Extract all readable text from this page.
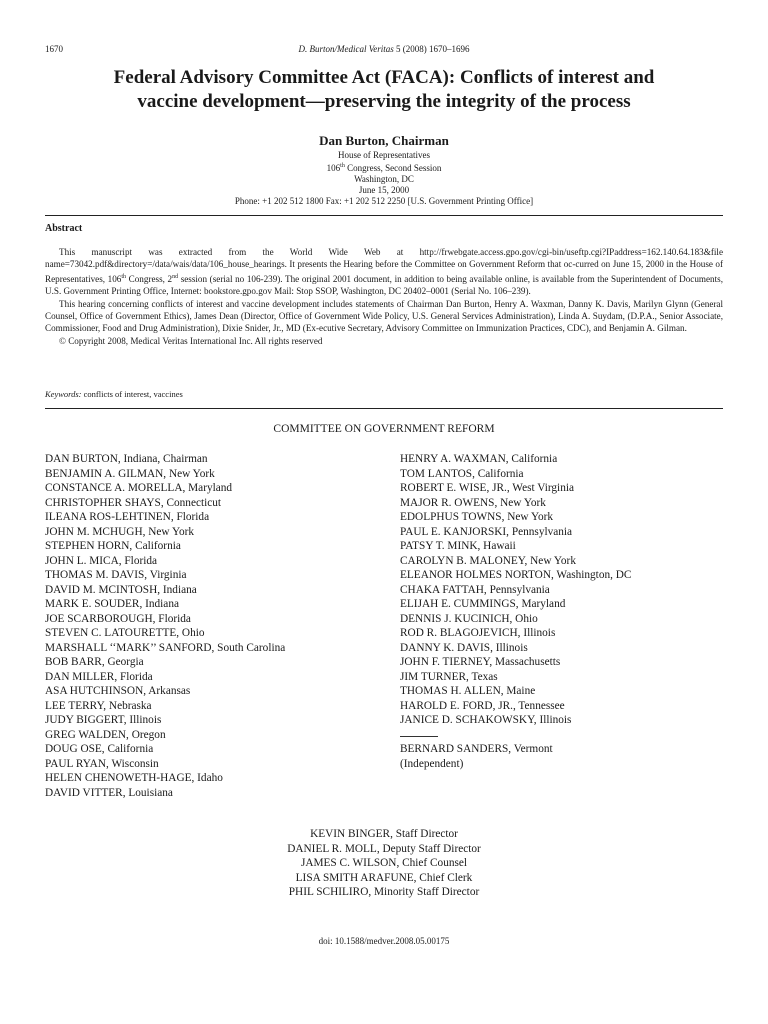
1670	D. Burton/Medical Veritas 5 (2008) 1670–1696
Federal Advisory Committee Act (FACA): Conflicts of interest and
vaccine development—preserving the integrity of the process
Dan Burton, Chairman
House of Representatives
106th Congress, Second Session
Washington, DC
June 15, 2000
Phone: +1 202 512 1800 Fax: +1 202 512 2250 [U.S. Government Printing Office]
Abstract

This manuscript was extracted from the World Wide Web at http://frwebgate.access.gpo.gov/cgi-bin/useftp.cgi?IPaddress=162.140.64.183&file name=73042.pdf&directory=/data/wais/data/106_house_hearings. It presents the Hearing before the Committee on Government Reform that oc-curred on June 15, 2000 in the House of Representatives, 106th Congress, 2nd session (serial no 106-239). The original 2001 document, in addition to being available online, is available from the Superintendent of Documents, U.S. Government Printing Office, Internet: bookstore.gpo.gov Mail: Stop SSOP, Washington, DC 20402–0001 (Serial No. 106–239).

This hearing concerning conflicts of interest and vaccine development includes statements of Chairman Dan Burton, Henry A. Waxman, Danny K. Davis, Marilyn Glynn (General Counsel, Office of Government Ethics), James Dean (Director, Office of Government Wide Policy, U.S. General Services Administration), Linda A. Suydam, (D.P.A., Senior Associate, Commissioner, Food and Drug Administration), Dixie Snider, Jr., MD (Ex-ecutive Secretary, Advisory Committee on Immunization Practices, CDC), and Benjamin A. Gilman.

© Copyright 2008, Medical Veritas International Inc. All rights reserved

Keywords: conflicts of interest, vaccines
COMMITTEE ON GOVERNMENT REFORM
DAN BURTON, Indiana, Chairman
BENJAMIN A. GILMAN, New York
CONSTANCE A. MORELLA, Maryland
CHRISTOPHER SHAYS, Connecticut
ILEANA ROS-LEHTINEN, Florida
JOHN M. MCHUGH, New York
STEPHEN HORN, California
JOHN L. MICA, Florida
THOMAS M. DAVIS, Virginia
DAVID M. MCINTOSH, Indiana
MARK E. SOUDER, Indiana
JOE SCARBOROUGH, Florida
STEVEN C. LATOURETTE, Ohio
MARSHALL ‘‘MARK’’ SANFORD, South Carolina
BOB BARR, Georgia
DAN MILLER, Florida
ASA HUTCHINSON, Arkansas
LEE TERRY, Nebraska
JUDY BIGGERT, Illinois
GREG WALDEN, Oregon
DOUG OSE, California
PAUL RYAN, Wisconsin
HELEN CHENOWETH-HAGE, Idaho
DAVID VITTER, Louisiana
HENRY A. WAXMAN, California
TOM LANTOS, California
ROBERT E. WISE, JR., West Virginia
MAJOR R. OWENS, New York
EDOLPHUS TOWNS, New York
PAUL E. KANJORSKI, Pennsylvania
PATSY T. MINK, Hawaii
CAROLYN B. MALONEY, New York
ELEANOR HOLMES NORTON, Washington, DC
CHAKA FATTAH, Pennsylvania
ELIJAH E. CUMMINGS, Maryland
DENNIS J. KUCINICH, Ohio
ROD R. BLAGOJEVICH, Illinois
DANNY K. DAVIS, Illinois
JOHN F. TIERNEY, Massachusetts
JIM TURNER, Texas
THOMAS H. ALLEN, Maine
HAROLD E. FORD, JR., Tennessee
JANICE D. SCHAKOWSKY, Illinois
BERNARD SANDERS, Vermont
(Independent)
KEVIN BINGER, Staff Director
DANIEL R. MOLL, Deputy Staff Director
JAMES C. WILSON, Chief Counsel
LISA SMITH ARAFUNE, Chief Clerk
PHIL SCHILIRO, Minority Staff Director
doi: 10.1588/medver.2008.05.00175
